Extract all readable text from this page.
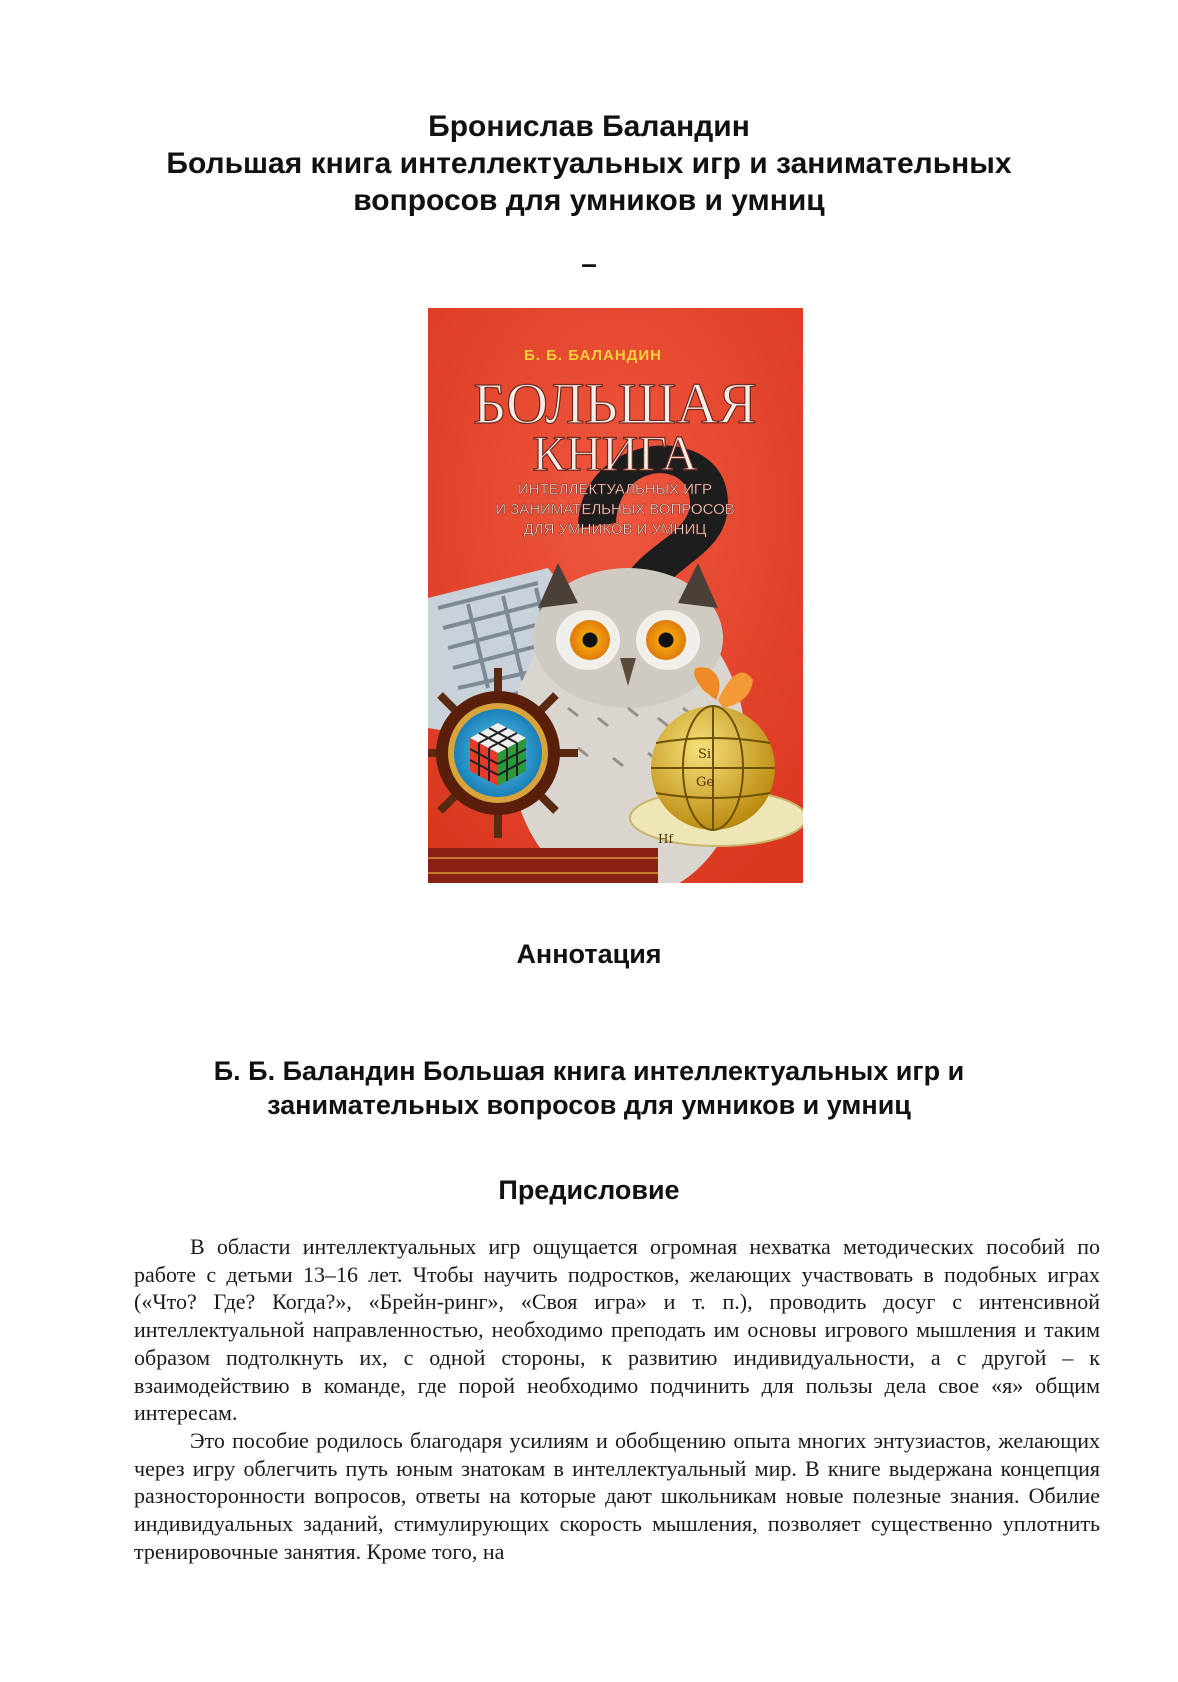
Бронислав Баландин
Большая книга интеллектуальных игр и занимательных
вопросов для умников и умниц
–
Si
Ge
Hf
Б. Б. БАЛАНДИН
БОЛЬШАЯ
КНИГА
ИНТЕЛЛЕКТУАЛЬНЫХ ИГР
И ЗАНИМАТЕЛЬНЫХ ВОПРОСОВ
ДЛЯ УМНИКОВ И УМНИЦ
Аннотация
Б. Б. Баландин Большая книга интеллектуальных игр и
занимательных вопросов для умников и умниц
Предисловие

В области интеллектуальных игр ощущается огромная нехватка методических пособий по работе с детьми 13–16 лет. Чтобы научить подростков, желающих участвовать в подобных играх («Что? Где? Когда?», «Брейн-ринг», «Своя игра» и т. п.), проводить досуг с интенсивной интеллектуальной направленностью, необходимо преподать им основы игрового мышления и таким образом подтолкнуть их, с одной стороны, к развитию индивидуальности, а с другой – к взаимодействию в команде, где порой необходимо подчинить для пользы дела свое «я» общим интересам.

Это пособие родилось благодаря усилиям и обобщению опыта многих энтузиастов, желающих через игру облегчить путь юным знатокам в интеллектуальный мир. В книге выдержана концепция разносторонности вопросов, ответы на которые дают школьникам новые полезные знания. Обилие индивидуальных заданий, стимулирующих скорость мышления, позволяет существенно уплотнить тренировочные занятия. Кроме того, на
